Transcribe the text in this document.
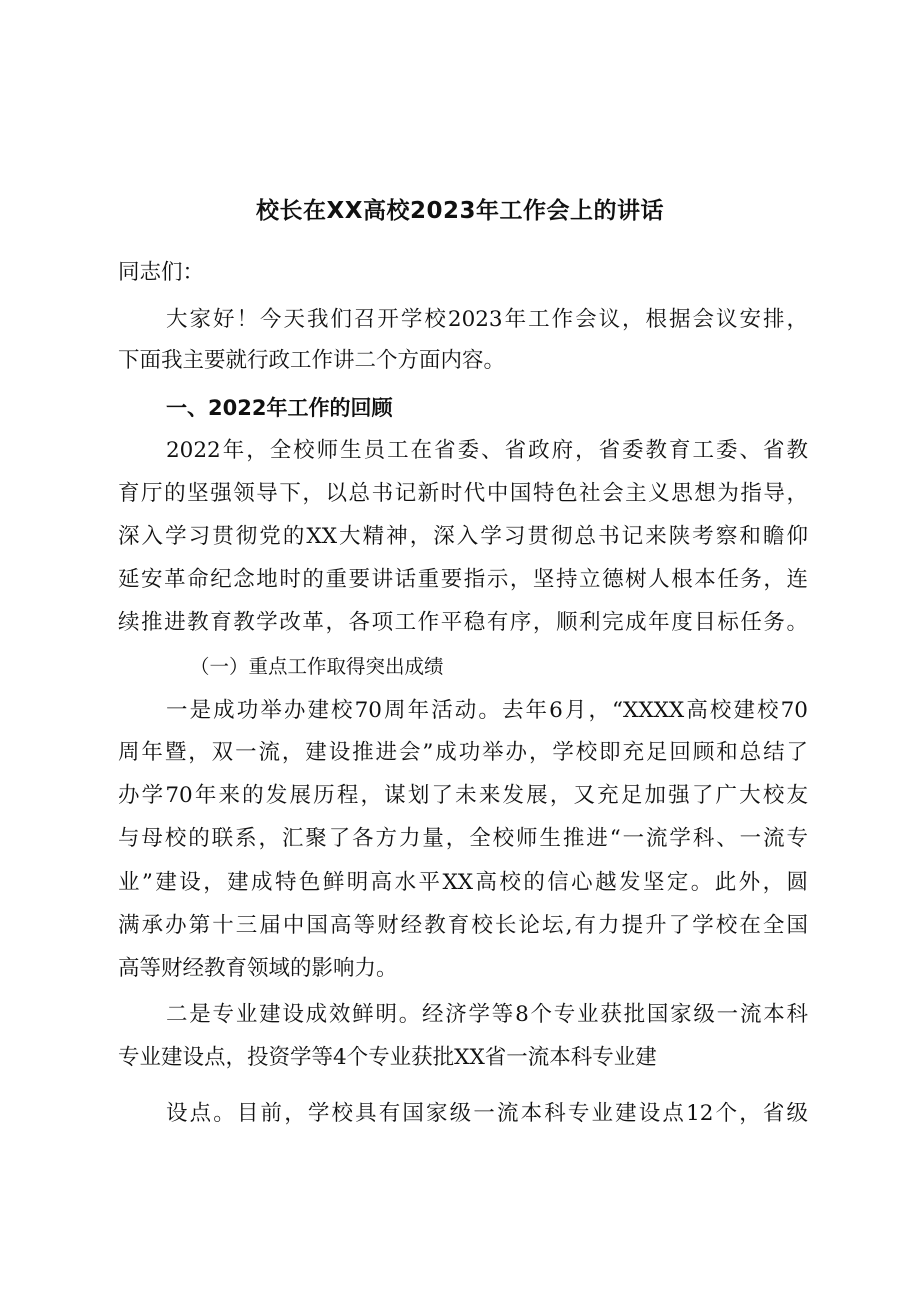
校长在XX高校2023年工作会上的讲话

同志们：

大家好！今天我们召开学校2023年工作会议，根据会议安排，

下面我主要就行政工作讲二个方面内容。

一、2022年工作的回顾

2022年，全校师生员工在省委、省政府，省委教育工委、省教

育厅的坚强领导下，以总书记新时代中国特色社会主义思想为指导，

深入学习贯彻党的XX大精神，深入学习贯彻总书记来陕考察和瞻仰

延安革命纪念地时的重要讲话重要指示，坚持立德树人根本任务，连

续推进教育教学改革，各项工作平稳有序，顺利完成年度目标任务。

（一）重点工作取得突出成绩

一是成功举办建校70周年活动。去年6月，“XXXX高校建校70

周年暨，双一流，建设推进会”成功举办，学校即充足回顾和总结了

办学70年来的发展历程，谋划了未来发展，又充足加强了广大校友

与母校的联系，汇聚了各方力量，全校师生推进“一流学科、一流专

业”建设，建成特色鲜明高水平XX高校的信心越发坚定。此外，圆

满承办第十三届中国高等财经教育校长论坛,有力提升了学校在全国

高等财经教育领域的影响力。

二是专业建设成效鲜明。经济学等8个专业获批国家级一流本科

专业建设点，投资学等4个专业获批XX省一流本科专业建

设点。目前，学校具有国家级一流本科专业建设点12个，省级
